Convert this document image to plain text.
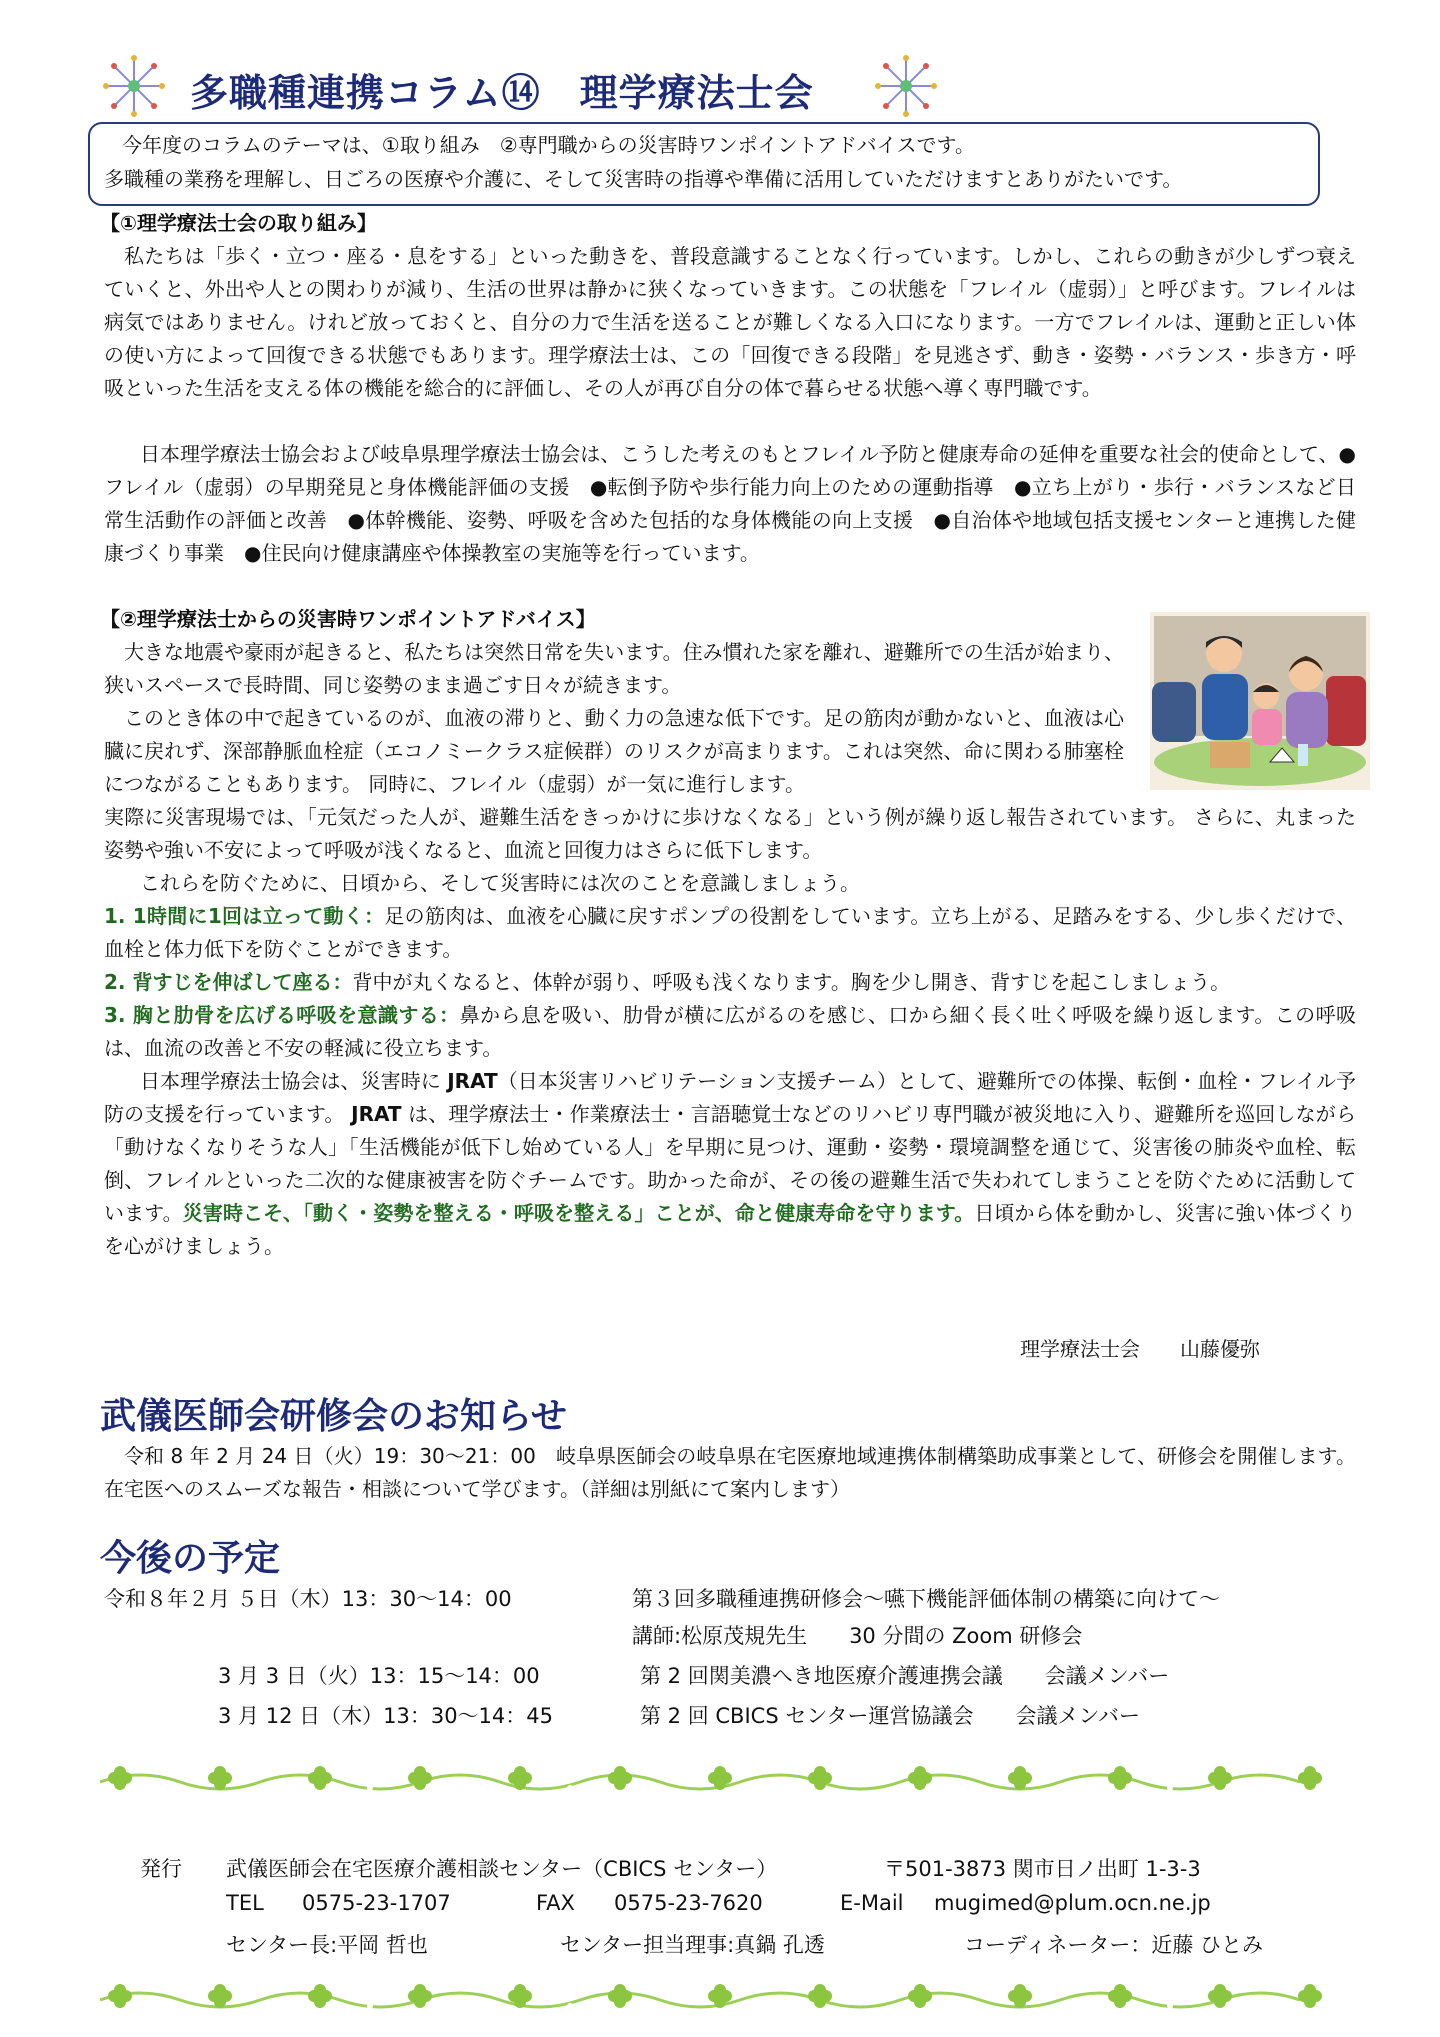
多職種連携コラム⑭　理学療法士会
今年度のコラムのテーマは、①取り組み　②専門職からの災害時ワンポイントアドバイスです。
多職種の業務を理解し、日ごろの医療や介護に、そして災害時の指導や準備に活用していただけますとありがたいです。
【①理学療法士会の取り組み】

私たちは「歩く・立つ・座る・息をする」といった動きを、普段意識することなく行っています。しかし、これらの動きが少しずつ衰えていくと、外出や人との関わりが減り、生活の世界は静かに狭くなっていきます。この状態を「フレイル（虚弱）」と呼びます。フレイルは病気ではありません。けれど放っておくと、自分の力で生活を送ることが難しくなる入口になります。一方でフレイルは、運動と正しい体の使い方によって回復できる状態でもあります。理学療法士は、この「回復できる段階」を見逃さず、動き・姿勢・バランス・歩き方・呼吸といった生活を支える体の機能を総合的に評価し、その人が再び自分の体で暮らせる状態へ導く専門職です。

日本理学療法士協会および岐阜県理学療法士協会は、こうした考えのもとフレイル予防と健康寿命の延伸を重要な社会的使命として、●フレイル（虚弱）の早期発見と身体機能評価の支援　●転倒予防や歩行能力向上のための運動指導　●立ち上がり・歩行・バランスなど日常生活動作の評価と改善　●体幹機能、姿勢、呼吸を含めた包括的な身体機能の向上支援　●自治体や地域包括支援センターと連携した健康づくり事業　●住民向け健康講座や体操教室の実施等を行っています。

【②理学療法士からの災害時ワンポイントアドバイス】

大きな地震や豪雨が起きると、私たちは突然日常を失います。住み慣れた家を離れ、避難所での生活が始まり、狭いスペースで長時間、同じ姿勢のまま過ごす日々が続きます。

このとき体の中で起きているのが、血液の滞りと、動く力の急速な低下です。足の筋肉が動かないと、血液は心臓に戻れず、深部静脈血栓症（エコノミークラス症候群）のリスクが高まります。これは突然、命に関わる肺塞栓につながることもあります。 同時に、フレイル（虚弱）が一気に進行します。

実際に災害現場では、「元気だった人が、避難生活をきっかけに歩けなくなる」という例が繰り返し報告されています。 さらに、丸まった姿勢や強い不安によって呼吸が浅くなると、血流と回復力はさらに低下します。

これらを防ぐために、日頃から、そして災害時には次のことを意識しましょう。

1. 1時間に1回は立って動く：足の筋肉は、血液を心臓に戻すポンプの役割をしています。立ち上がる、足踏みをする、少し歩くだけで、血栓と体力低下を防ぐことができます。

2. 背すじを伸ばして座る：背中が丸くなると、体幹が弱り、呼吸も浅くなります。胸を少し開き、背すじを起こしましょう。

3. 胸と肋骨を広げる呼吸を意識する：鼻から息を吸い、肋骨が横に広がるのを感じ、口から細く長く吐く呼吸を繰り返します。この呼吸は、血流の改善と不安の軽減に役立ちます。

日本理学療法士協会は、災害時に JRAT（日本災害リハビリテーション支援チーム）として、避難所での体操、転倒・血栓・フレイル予防の支援を行っています。 JRAT は、理学療法士・作業療法士・言語聴覚士などのリハビリ専門職が被災地に入り、避難所を巡回しながら「動けなくなりそうな人」「生活機能が低下し始めている人」を早期に見つけ、運動・姿勢・環境調整を通じて、災害後の肺炎や血栓、転倒、フレイルといった二次的な健康被害を防ぐチームです。助かった命が、その後の避難生活で失われてしまうことを防ぐために活動しています。災害時こそ、「動く・姿勢を整える・呼吸を整える」ことが、命と健康寿命を守ります。日頃から体を動かし、災害に強い体づくりを心がけましょう。

理学療法士会　　山藤優弥
武儀医師会研修会のお知らせ

令和 8 年 2 月 24 日（火）19：30～21：00　岐阜県医師会の岐阜県在宅医療地域連携体制構築助成事業として、研修会を開催します。在宅医へのスムーズな報告・相談について学びます。（詳細は別紙にて案内します）

今後の予定
令和８年２月 ５日（木）13：30～14：00	第３回多職種連携研修会～嚥下機能評価体制の構築に向けて～
講師:松原茂規先生　　30 分間の Zoom 研修会
3 月 3 日（火）13：15～14：00	第 2 回関美濃へき地医療介護連携会議　　会議メンバー
3 月 12 日（木）13：30～14：45	第 2 回 CBICS センター運営協議会　　会議メンバー
発行 武儀医師会在宅医療介護相談センター（CBICS センター）	〒501-3873 関市日ノ出町 1-3-3
TEL 0575-23-1707	FAX 0575-23-7620	E-Mail mugimed@plum.ocn.ne.jp
センター長:平岡 哲也	センター担当理事:真鍋 孔透	コーディネーター：近藤 ひとみ
